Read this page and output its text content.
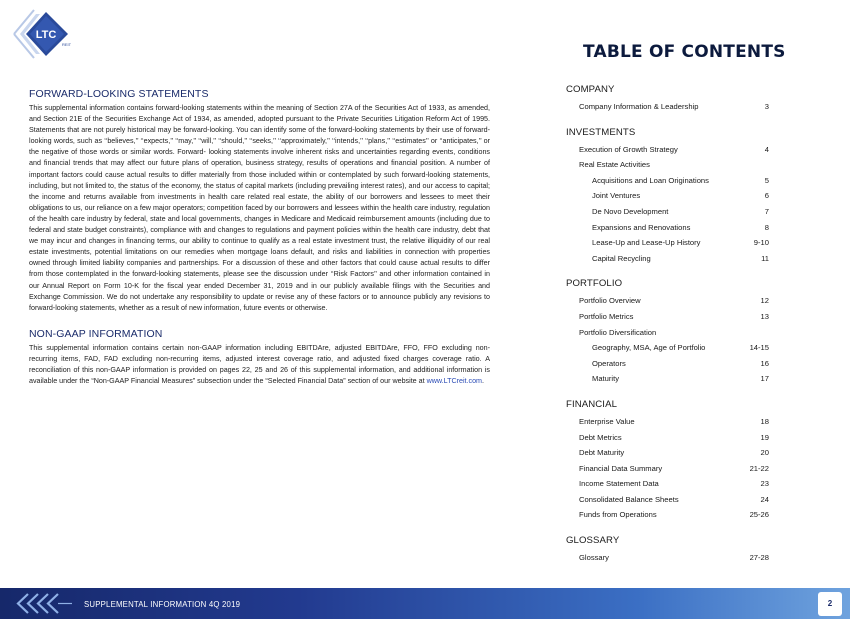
LTC
REIT	TABLE OF CONTENTS
FORWARD-LOOKING STATEMENTS

This supplemental information contains forward-looking statements within the meaning of Section 27A of the Securities Act of 1933, as amended, and Section 21E of the Securities Exchange Act of 1934, as amended, adopted pursuant to the Private Securities Litigation Reform Act of 1995. Statements that are not purely historical may be forward-looking. You can identify some of the forward-looking statements by their use of forward-looking words, such as ‘‘believes,’’ ‘‘expects,’’ ‘‘may,’’ ‘‘will,’’ ‘‘should,’’ ‘‘seeks,’’ ‘‘approximately,’’ ‘‘intends,’’ ‘‘plans,’’ ‘‘estimates’’ or ‘‘anticipates,’’ or the negative of those words or similar words. Forward- looking statements involve inherent risks and uncertainties regarding events, conditions and financial trends that may affect our future plans of operation, business strategy, results of operations and financial position. A number of important factors could cause actual results to differ materially from those included within or contemplated by such forward-looking statements, including, but not limited to, the status of the economy, the status of capital markets (including prevailing interest rates), and our access to capital; the income and returns available from investments in health care related real estate, the ability of our borrowers and lessees to meet their obligations to us, our reliance on a few major operators; competition faced by our borrowers and lessees within the health care industry, regulation of the health care industry by federal, state and local governments, changes in Medicare and Medicaid reimbursement amounts (including due to federal and state budget constraints), compliance with and changes to regulations and payment policies within the health care industry, debt that we may incur and changes in financing terms, our ability to continue to qualify as a real estate investment trust, the relative illiquidity of our real estate investments, potential limitations on our remedies when mortgage loans default, and risks and liabilities in connection with properties owned through limited liability companies and partnerships. For a discussion of these and other factors that could cause actual results to differ from those contemplated in the forward-looking statements, please see the discussion under ‘‘Risk Factors’’ and other information contained in our Annual Report on Form 10-K for the fiscal year ended December 31, 2019 and in our publicly available filings with the Securities and Exchange Commission. We do not undertake any responsibility to update or revise any of these factors or to announce publicly any revisions to forward-looking statements, whether as a result of new information, future events or otherwise.

NON-GAAP INFORMATION

This supplemental information contains certain non-GAAP information including EBITDAre, adjusted EBITDAre, FFO, FFO excluding non-recurring items, FAD, FAD excluding non-recurring items, adjusted interest coverage ratio, and adjusted fixed charges coverage ratio. A reconciliation of this non-GAAP information is provided on pages 22, 25 and 26 of this supplemental information, and additional information is available under the “Non-GAAP Financial Measures” subsection under the “Selected Financial Data” section of our website at www.LTCreit.com.

COMPANY
Company Information & Leadership	3
INVESTMENTS
Execution of Growth Strategy	4
Real Estate Activities
Acquisitions and Loan Originations	5
Joint Ventures	6
De Novo Development	7
Expansions and Renovations	8
Lease-Up and Lease-Up History	9-10
Capital Recycling	11
PORTFOLIO
Portfolio Overview	12
Portfolio Metrics	13
Portfolio Diversification
Geography, MSA, Age of Portfolio	14-15
Operators	16
Maturity	17
FINANCIAL
Enterprise Value	18
Debt Metrics	19
Debt Maturity	20
Financial Data Summary	21-22
Income Statement Data	23
Consolidated Balance Sheets	24
Funds from Operations	25-26
GLOSSARY
Glossary	27-28
SUPPLEMENTAL INFORMATION 4Q 2019	2
